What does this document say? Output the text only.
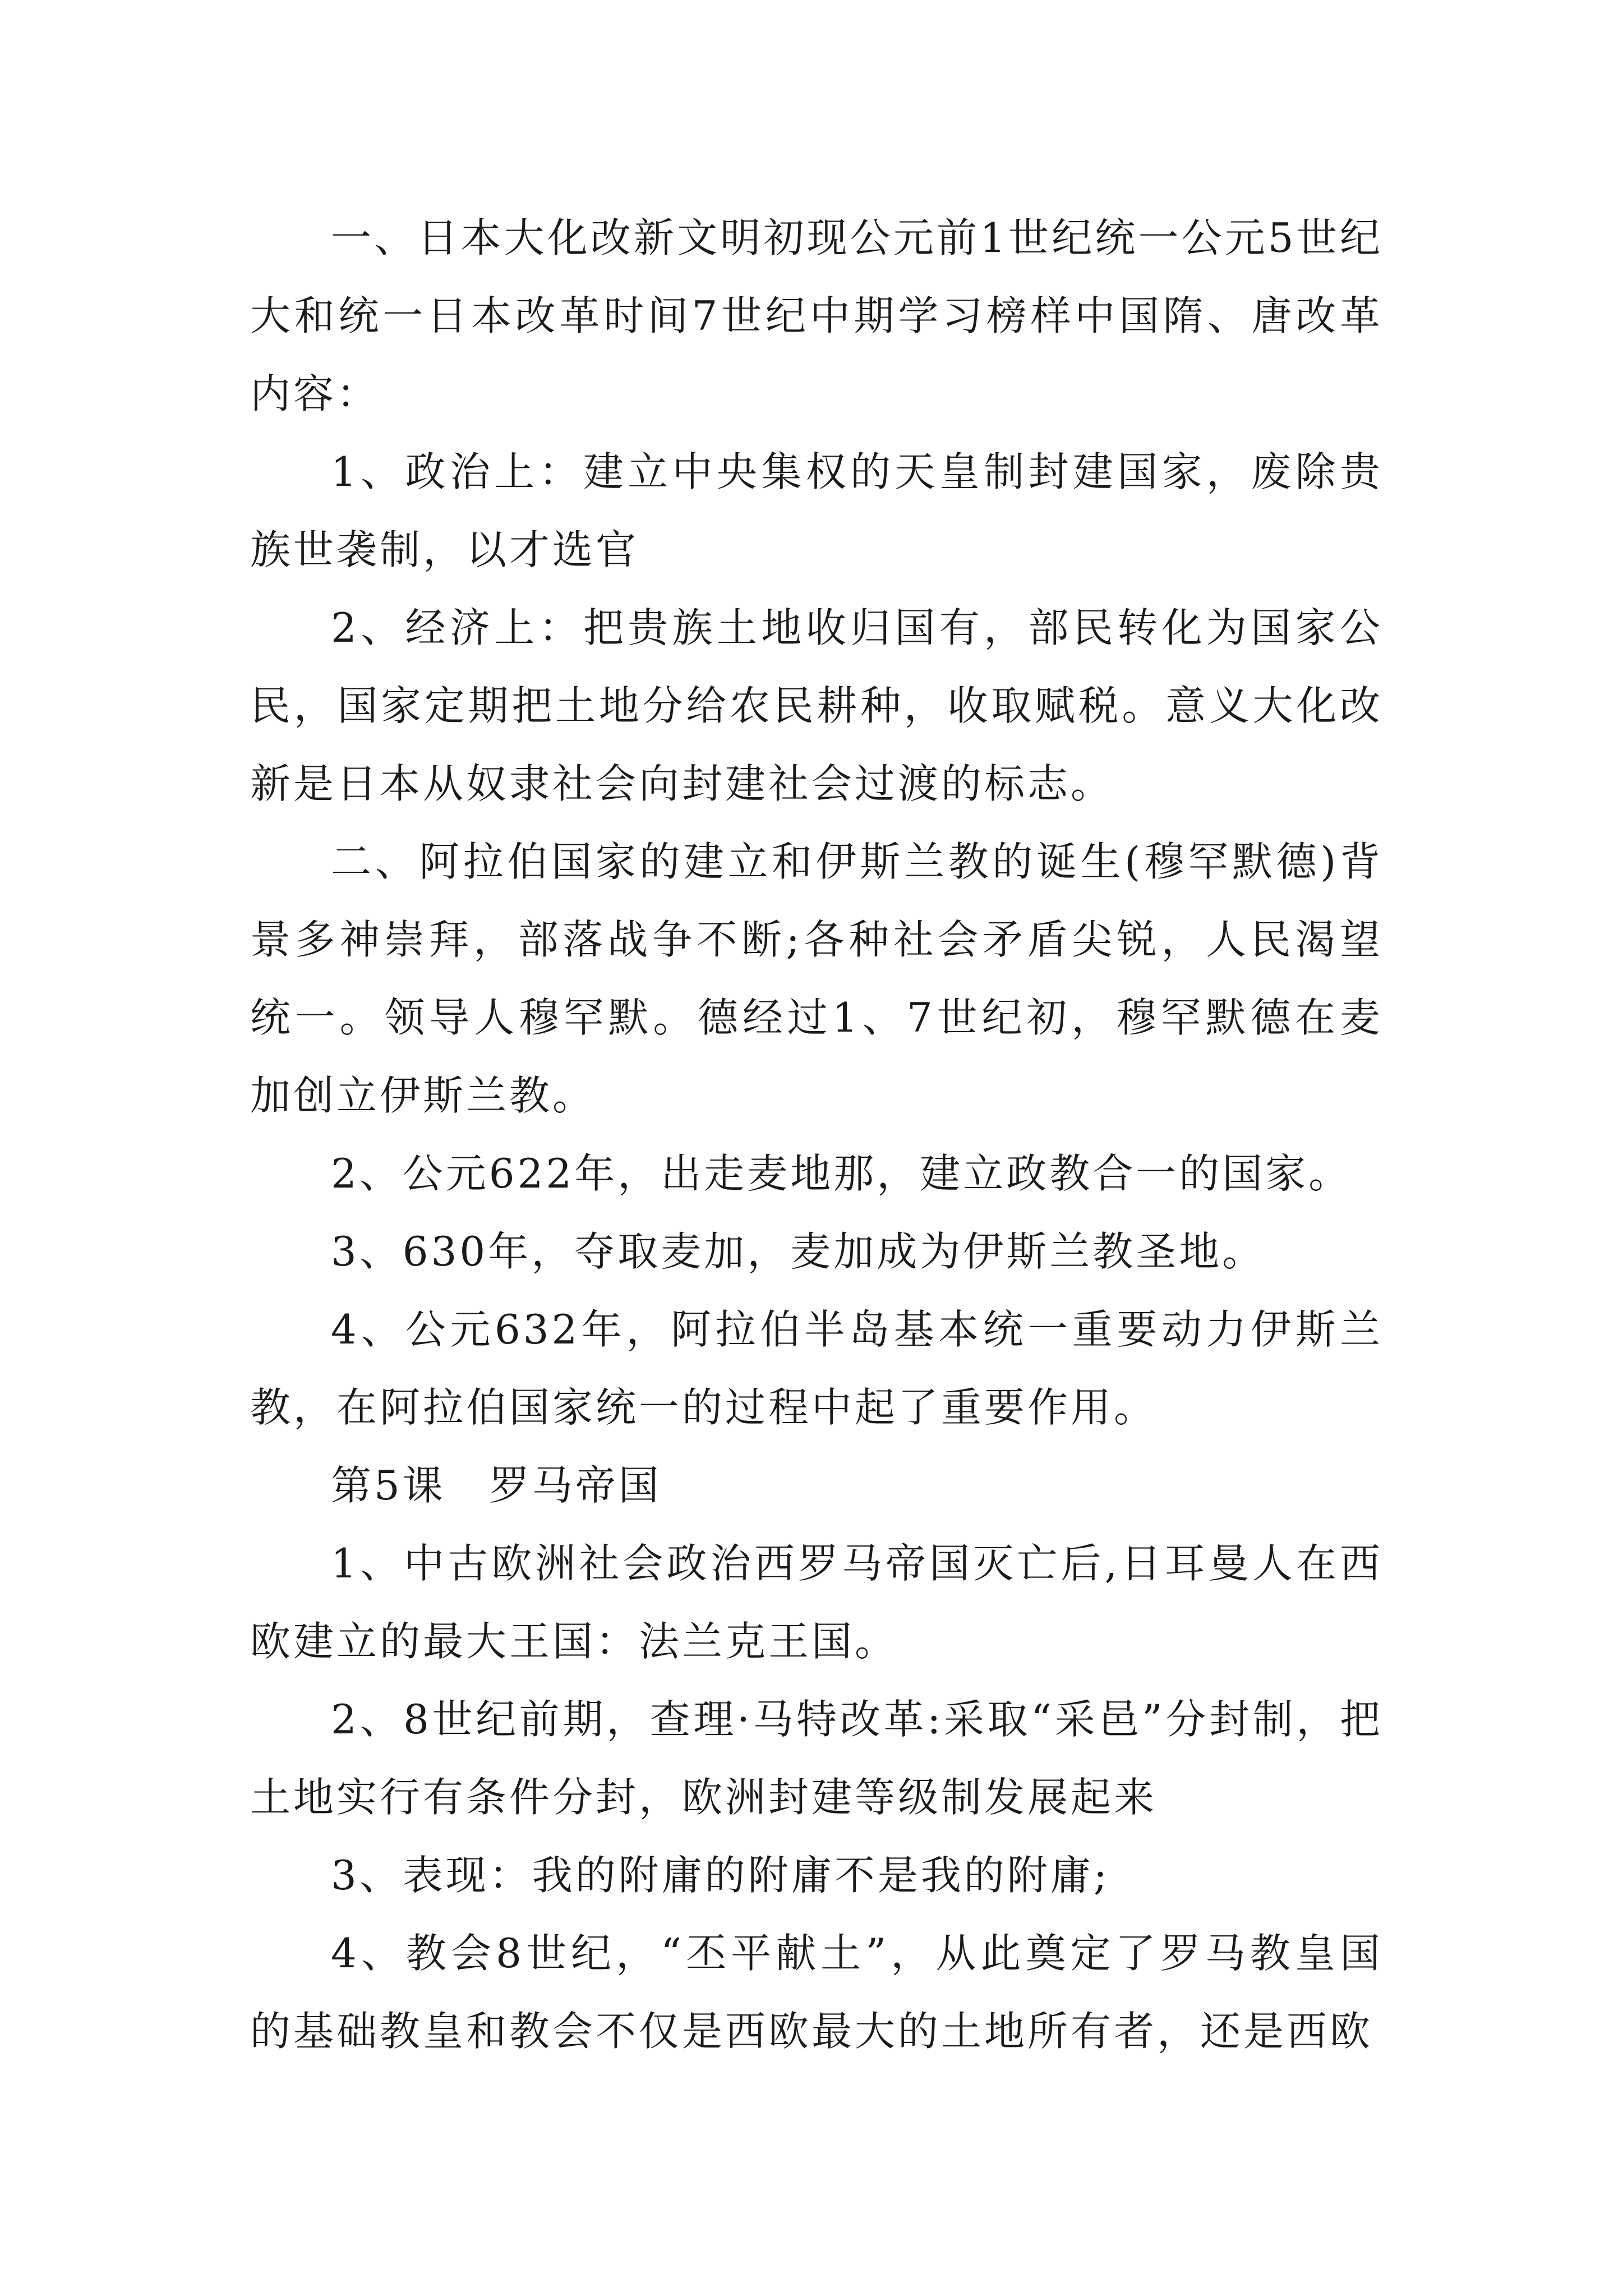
一、日本大化改新文明初现公元前1世纪统一公元5世纪大和统一日本改革时间7世纪中期学习榜样中国隋、唐改革内容：

1、政治上：建立中央集权的天皇制封建国家，废除贵族世袭制，以才选官

2、经济上：把贵族土地收归国有，部民转化为国家公民，国家定期把土地分给农民耕种，收取赋税。意义大化改新是日本从奴隶社会向封建社会过渡的标志。

二、阿拉伯国家的建立和伊斯兰教的诞生(穆罕默德)背景多神崇拜，部落战争不断;各种社会矛盾尖锐，人民渴望统一。领导人穆罕默。德经过1、7世纪初，穆罕默德在麦加创立伊斯兰教。

2、公元622年，出走麦地那，建立政教合一的国家。

3、630年，夺取麦加，麦加成为伊斯兰教圣地。

4、公元632年，阿拉伯半岛基本统一重要动力伊斯兰教，在阿拉伯国家统一的过程中起了重要作用。

第5课　罗马帝国

1、中古欧洲社会政治西罗马帝国灭亡后,日耳曼人在西欧建立的最大王国：法兰克王国。

2、8世纪前期，查理·马特改革:采取“采邑”分封制，把土地实行有条件分封，欧洲封建等级制发展起来

3、表现：我的附庸的附庸不是我的附庸;

4、教会8世纪，“丕平献土”，从此奠定了罗马教皇国的基础教皇和教会不仅是西欧最大的土地所有者，还是西欧
